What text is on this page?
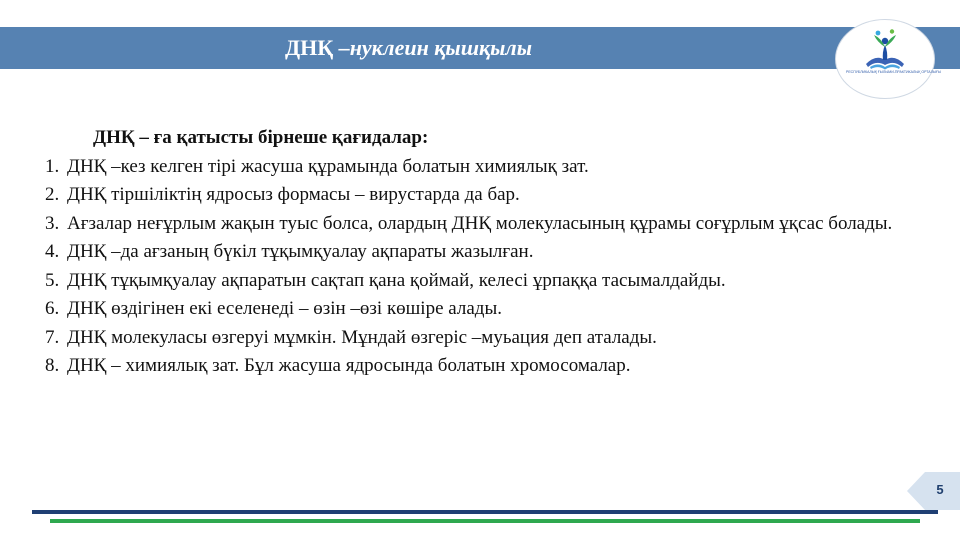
ДНҚ –нуклеин қышқылы
РЕСПУБЛИКАЛЫҚ ҒЫЛЫМИ-ПРАКТИКАЛЫҚ ОРТАЛЫҒЫ
ДНҚ – ға қатысты бірнеше қағидалар:
1. ДНҚ –кез келген тірі жасуша құрамында болатын химиялық зат.
2. ДНҚ тіршіліктің ядросыз формасы – вирустарда да бар.
3. Ағзалар неғұрлым жақын туыс болса, олардың ДНҚ молекуласының құрамы соғұрлым ұқсас болады.
4. ДНҚ –да ағзаның бүкіл тұқымқуалау ақпараты жазылған.
5. ДНҚ тұқымқуалау ақпаратын сақтап қана қоймай, келесі ұрпаққа тасымалдайды.
6. ДНҚ өздігінен екі еселенеді – өзін –өзі көшіре алады.
7. ДНҚ молекуласы өзгеруі мұмкін. Мұндай өзгеріс –муьация деп аталады.
8. ДНҚ – химиялық зат. Бұл жасуша ядросында болатын хромосомалар.
5
